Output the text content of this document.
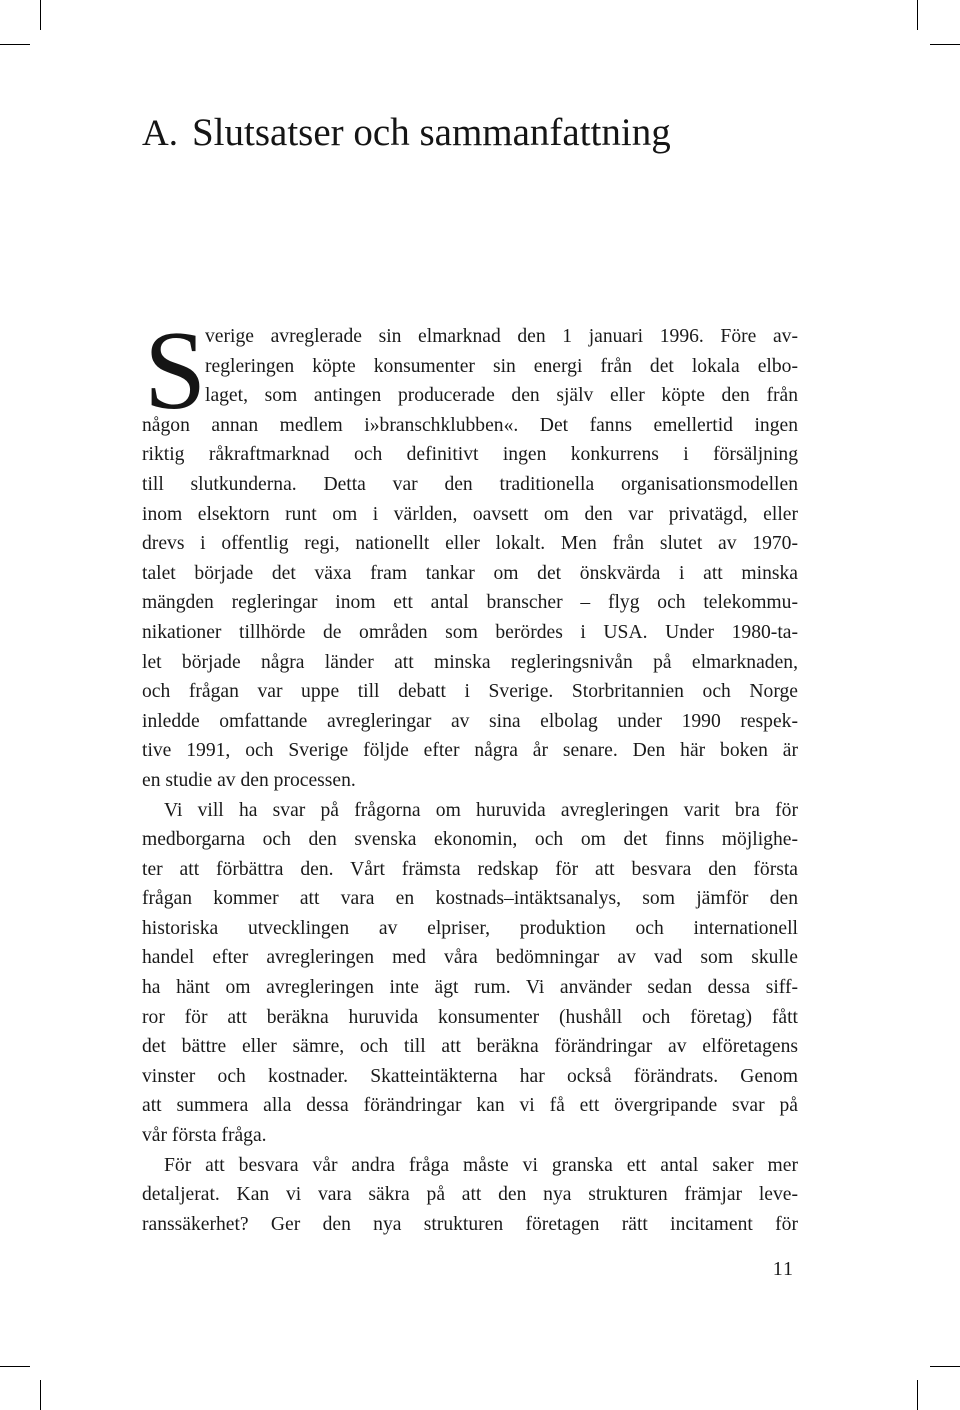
A. Slutsatser och sammanfattning
S
verige avreglerade sin elmarknad den 1 januari 1996. Före av-
regleringen köpte konsumenter sin energi från det lokala elbo-
laget, som antingen producerade den själv eller köpte den från
någon annan medlem i»branschklubben«. Det fanns emellertid ingen
riktig råkraftmarknad och definitivt ingen konkurrens i försäljning
till slutkunderna. Detta var den traditionella organisationsmodellen
inom elsektorn runt om i världen, oavsett om den var privatägd, eller
drevs i offentlig regi, nationellt eller lokalt. Men från slutet av 1970-
talet började det växa fram tankar om det önskvärda i att minska
mängden regleringar inom ett antal branscher – flyg och telekommu-
nikationer tillhörde de områden som berördes i USA. Under 1980-ta-
let började några länder att minska regleringsnivån på elmarknaden,
och frågan var uppe till debatt i Sverige. Storbritannien och Norge
inledde omfattande avregleringar av sina elbolag under 1990 respek-
tive 1991, och Sverige följde efter några år senare. Den här boken är
en studie av den processen.
Vi vill ha svar på frågorna om huruvida avregleringen varit bra för
medborgarna och den svenska ekonomin, och om det finns möjlighe-
ter att förbättra den. Vårt främsta redskap för att besvara den första
frågan kommer att vara en kostnads–intäktsanalys, som jämför den
historiska utvecklingen av elpriser, produktion och internationell
handel efter avregleringen med våra bedömningar av vad som skulle
ha hänt om avregleringen inte ägt rum. Vi använder sedan dessa siff-
ror för att beräkna huruvida konsumenter (hushåll och företag) fått
det bättre eller sämre, och till att beräkna förändringar av elföretagens
vinster och kostnader. Skatteintäkterna har också förändrats. Genom
att summera alla dessa förändringar kan vi få ett övergripande svar på
vår första fråga.
För att besvara vår andra fråga måste vi granska ett antal saker mer
detaljerat. Kan vi vara säkra på att den nya strukturen främjar leve-
ranssäkerhet? Ger den nya strukturen företagen rätt incitament för
11
